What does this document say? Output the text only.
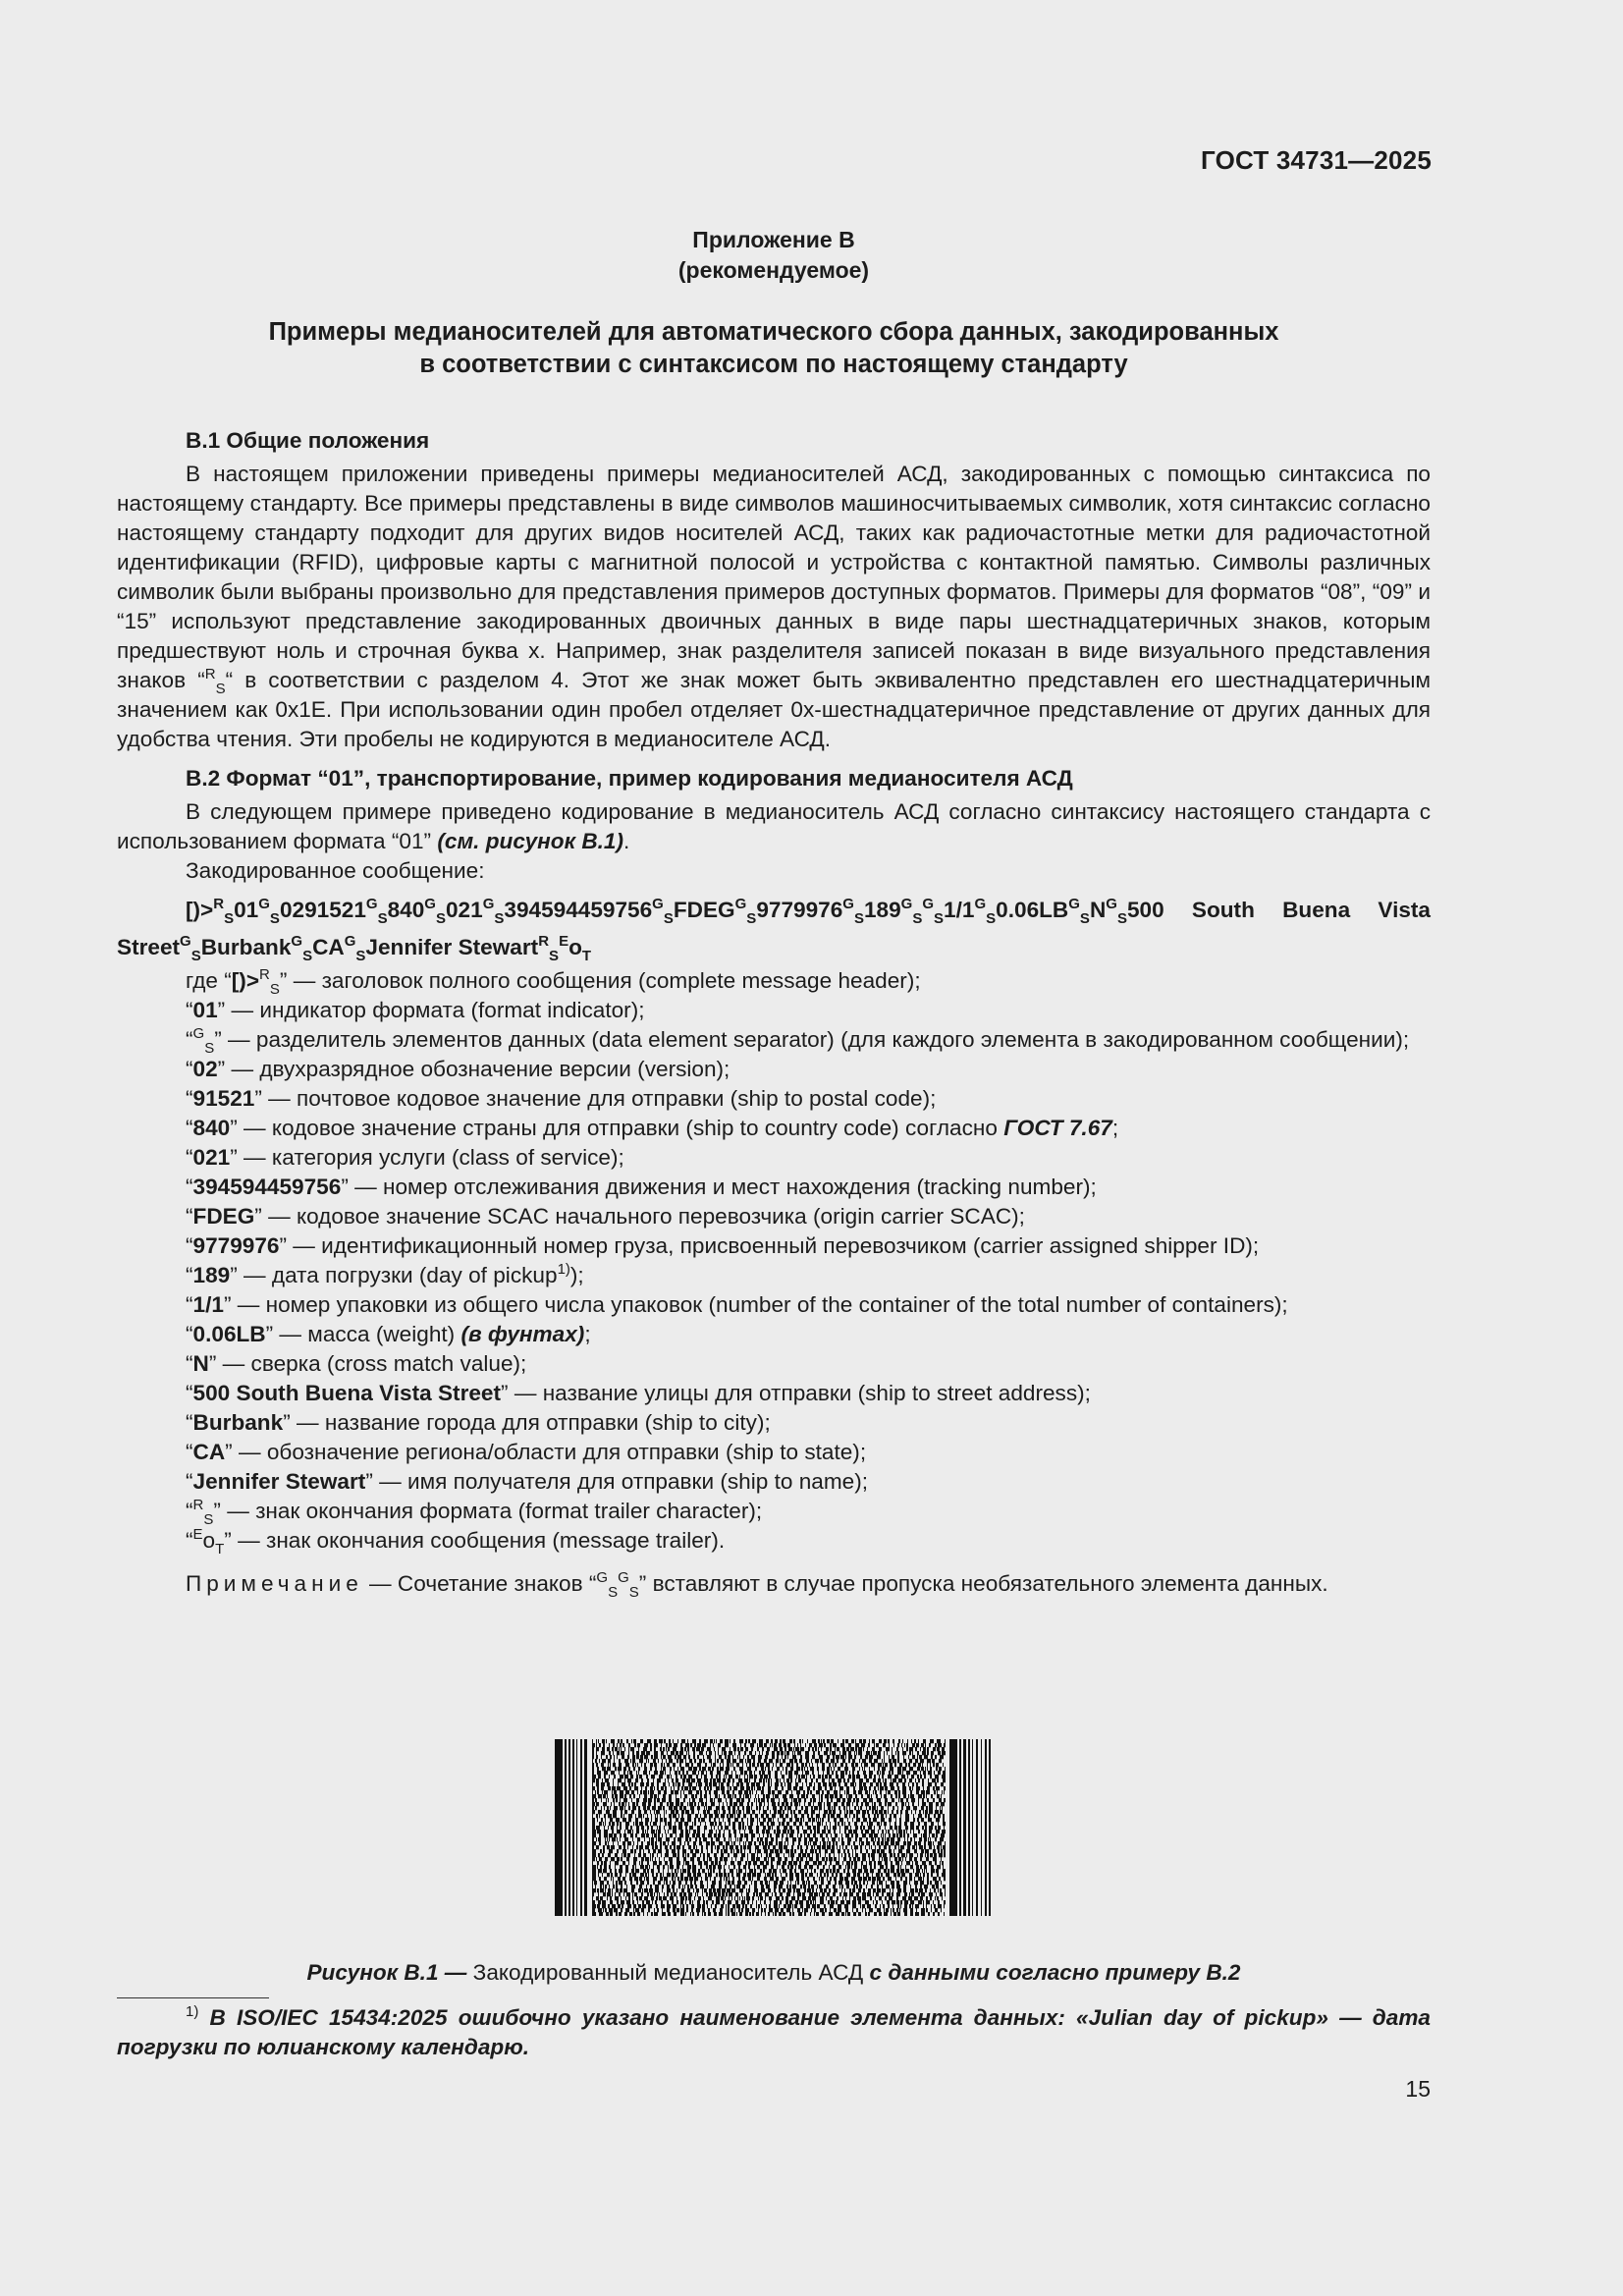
ГОСТ 34731—2025
Приложение В
(рекомендуемое)
Примеры медианосителей для автоматического сбора данных, закодированных
в соответствии с синтаксисом по настоящему стандарту

В.1 Общие положения

В настоящем приложении приведены примеры медианосителей АСД, закодированных с помощью синтаксиса по настоящему стандарту. Все примеры представлены в виде символов машиносчитываемых символик, хотя синтаксис согласно настоящему стандарту подходит для других видов носителей АСД, таких как радиочастотные метки для радиочастотной идентификации (RFID), цифровые карты с магнитной полосой и устройства с контактной памятью. Символы различных символик были выбраны произвольно для представления примеров доступных форматов. Примеры для форматов “08”, “09” и “15” используют представление закодированных двоичных данных в виде пары шестнадцатеричных знаков, которым предшествуют ноль и строчная буква x. Например, знак разделителя записей показан в виде визуального представления знаков “$^R_S$“ в соответствии с разделом 4. Этот же знак может быть эквивалентно представлен его шестнадцатеричным значением как 0x1E. При использовании один пробел отделяет 0x-шестнадцатеричное представление от других данных для удобства чтения. Эти пробелы не кодируются в медианосителе АСД.

В.2 Формат “01”, транспортирование, пример кодирования медианосителя АСД

В следующем примере приведено кодирование в медианоситель АСД согласно синтаксису настоящего стандарта с использованием формата “01” (см. рисунок В.1).

Закодированное сообщение:

$[)>^R_S01^G_S0291521^G_S840^G_S021^G_S394594459756^G_SFDEG^G_S9779976^G_S189^G_S^G_S1/1^G_S0.06LB^G_SN^G_S500$ South Buena Vista $Street^G_SBurbank^G_SCA^G_SJennifer$ $Stewart^R_S^Eo_T$

где “[)>$^R_S$” — заголовок полного сообщения (complete message header);

“01” — индикатор формата (format indicator);

“$^G_S$” — разделитель элементов данных (data element separator) (для каждого элемента в закодированном сообщении);

“02” — двухразрядное обозначение версии (version);

“91521” — почтовое кодовое значение для отправки (ship to postal code);

“840” — кодовое значение страны для отправки (ship to country code) согласно ГОСТ 7.67;

“021” — категория услуги (class of service);

“394594459756” — номер отслеживания движения и мест нахождения (tracking number);

“FDEG” — кодовое значение SCAC начального перевозчика (origin carrier SCAC);

“9779976” — идентификационный номер груза, присвоенный перевозчиком (carrier assigned shipper ID);

“189” — дата погрузки (day of pickup$^{1)}$);

“1/1” — номер упаковки из общего числа упаковок (number of the container of the total number of containers);

“0.06LB” — масса (weight) (в фунтах);

“N” — сверка (cross match value);

“500 South Buena Vista Street” — название улицы для отправки (ship to street address);

“Burbank” — название города для отправки (ship to city);

“CA” — обозначение региона/области для отправки (ship to state);

“Jennifer Stewart” — имя получателя для отправки (ship to name);

“$^R_S$” — знак окончания формата (format trailer character);

“$^Eo_T$” — знак окончания сообщения (message trailer).

Примечание — Сочетание знаков “$^G_S^G_S$” вставляют в случае пропуска необязательного элемента данных.

Рисунок В.1 — Закодированный медианоситель АСД с данными согласно примеру В.2
$^{1)}$ В ISO/IEC 15434:2025 ошибочно указано наименование элемента данных: «Julian day of pickup» — дата погрузки по юлианскому календарю.
15
